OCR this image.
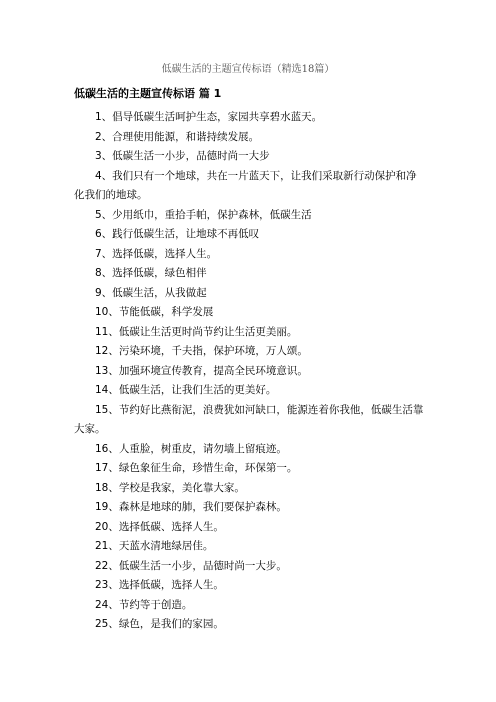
低碳生活的主题宣传标语（精选18篇）
低碳生活的主题宣传标语 篇 1
1、倡导低碳生活呵护生态，家园共享碧水蓝天。
2、合理使用能源，和谐持续发展。
3、低碳生活一小步，品德时尚一大步
4、我们只有一个地球，共在一片蓝天下，让我们采取新行动保护和净化我们的地球。
5、少用纸巾，重拾手帕，保护森林，低碳生活
6、践行低碳生活，让地球不再低叹
7、选择低碳，选择人生。
8、选择低碳，绿色相伴
9、低碳生活，从我做起
10、节能低碳，科学发展
11、低碳让生活更时尚节约让生活更美丽。
12、污染环境，千夫指，保护环境，万人颂。
13、加强环境宣传教育，提高全民环境意识。
14、低碳生活，让我们生活的更美好。
15、节约好比燕衔泥，浪费犹如河缺口，能源连着你我他，低碳生活靠大家。
16、人重脸，树重皮，请勿墙上留痕迹。
17、绿色象征生命，珍惜生命，环保第一。
18、学校是我家，美化靠大家。
19、森林是地球的肺，我们要保护森林。
20、选择低碳、选择人生。
21、天蓝水清地绿居佳。
22、低碳生活一小步，品德时尚一大步。
23、选择低碳，选择人生。
24、节约等于创造。
25、绿色，是我们的家园。
